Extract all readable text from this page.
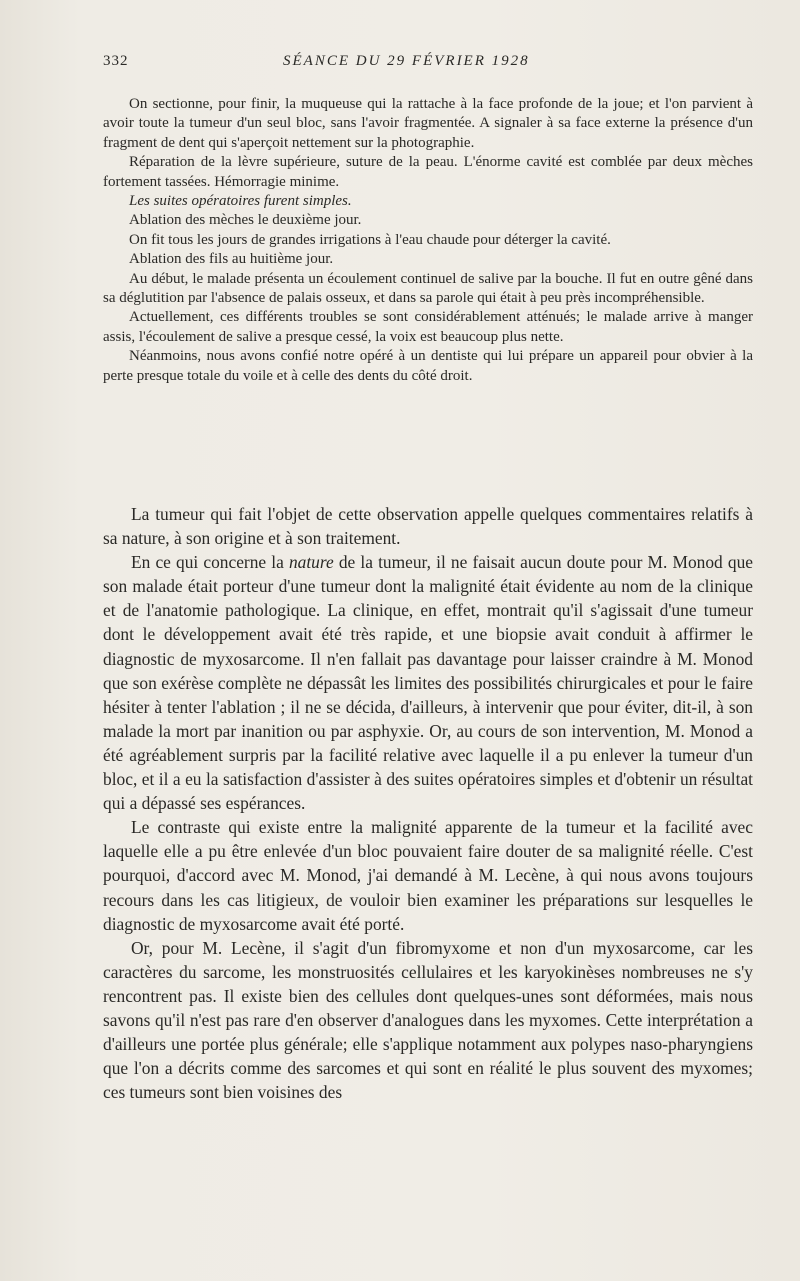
332	SÉANCE DU 29 FÉVRIER 1928

On sectionne, pour finir, la muqueuse qui la rattache à la face profonde de la joue; et l'on parvient à avoir toute la tumeur d'un seul bloc, sans l'avoir fragmentée. A signaler à sa face externe la présence d'un fragment de dent qui s'aperçoit nettement sur la photographie.

Réparation de la lèvre supérieure, suture de la peau. L'énorme cavité est comblée par deux mèches fortement tassées. Hémorragie minime.

Les suites opératoires furent simples.

Ablation des mèches le deuxième jour.

On fit tous les jours de grandes irrigations à l'eau chaude pour déterger la cavité.

Ablation des fils au huitième jour.

Au début, le malade présenta un écoulement continuel de salive par la bouche. Il fut en outre gêné dans sa déglutition par l'absence de palais osseux, et dans sa parole qui était à peu près incompréhensible.

Actuellement, ces différents troubles se sont considérablement atténués; le malade arrive à manger assis, l'écoulement de salive a presque cessé, la voix est beaucoup plus nette.

Néanmoins, nous avons confié notre opéré à un dentiste qui lui prépare un appareil pour obvier à la perte presque totale du voile et à celle des dents du côté droit.

La tumeur qui fait l'objet de cette observation appelle quelques commentaires relatifs à sa nature, à son origine et à son traitement.

En ce qui concerne la nature de la tumeur, il ne faisait aucun doute pour M. Monod que son malade était porteur d'une tumeur dont la malignité était évidente au nom de la clinique et de l'anatomie pathologique. La clinique, en effet, montrait qu'il s'agissait d'une tumeur dont le développement avait été très rapide, et une biopsie avait conduit à affirmer le diagnostic de myxosarcome. Il n'en fallait pas davantage pour laisser craindre à M. Monod que son exérèse complète ne dépassât les limites des possibilités chirurgicales et pour le faire hésiter à tenter l'ablation ; il ne se décida, d'ailleurs, à intervenir que pour éviter, dit-il, à son malade la mort par inanition ou par asphyxie. Or, au cours de son intervention, M. Monod a été agréablement surpris par la facilité relative avec laquelle il a pu enlever la tumeur d'un bloc, et il a eu la satisfaction d'assister à des suites opératoires simples et d'obtenir un résultat qui a dépassé ses espérances.

Le contraste qui existe entre la malignité apparente de la tumeur et la facilité avec laquelle elle a pu être enlevée d'un bloc pouvaient faire douter de sa malignité réelle. C'est pourquoi, d'accord avec M. Monod, j'ai demandé à M. Lecène, à qui nous avons toujours recours dans les cas litigieux, de vouloir bien examiner les préparations sur lesquelles le diagnostic de myxosarcome avait été porté.

Or, pour M. Lecène, il s'agit d'un fibromyxome et non d'un myxosarcome, car les caractères du sarcome, les monstruosités cellulaires et les karyokinèses nombreuses ne s'y rencontrent pas. Il existe bien des cellules dont quelques-unes sont déformées, mais nous savons qu'il n'est pas rare d'en observer d'analogues dans les myxomes. Cette interprétation a d'ailleurs une portée plus générale; elle s'applique notamment aux polypes naso-pharyngiens que l'on a décrits comme des sarcomes et qui sont en réalité le plus souvent des myxomes; ces tumeurs sont bien voisines des
